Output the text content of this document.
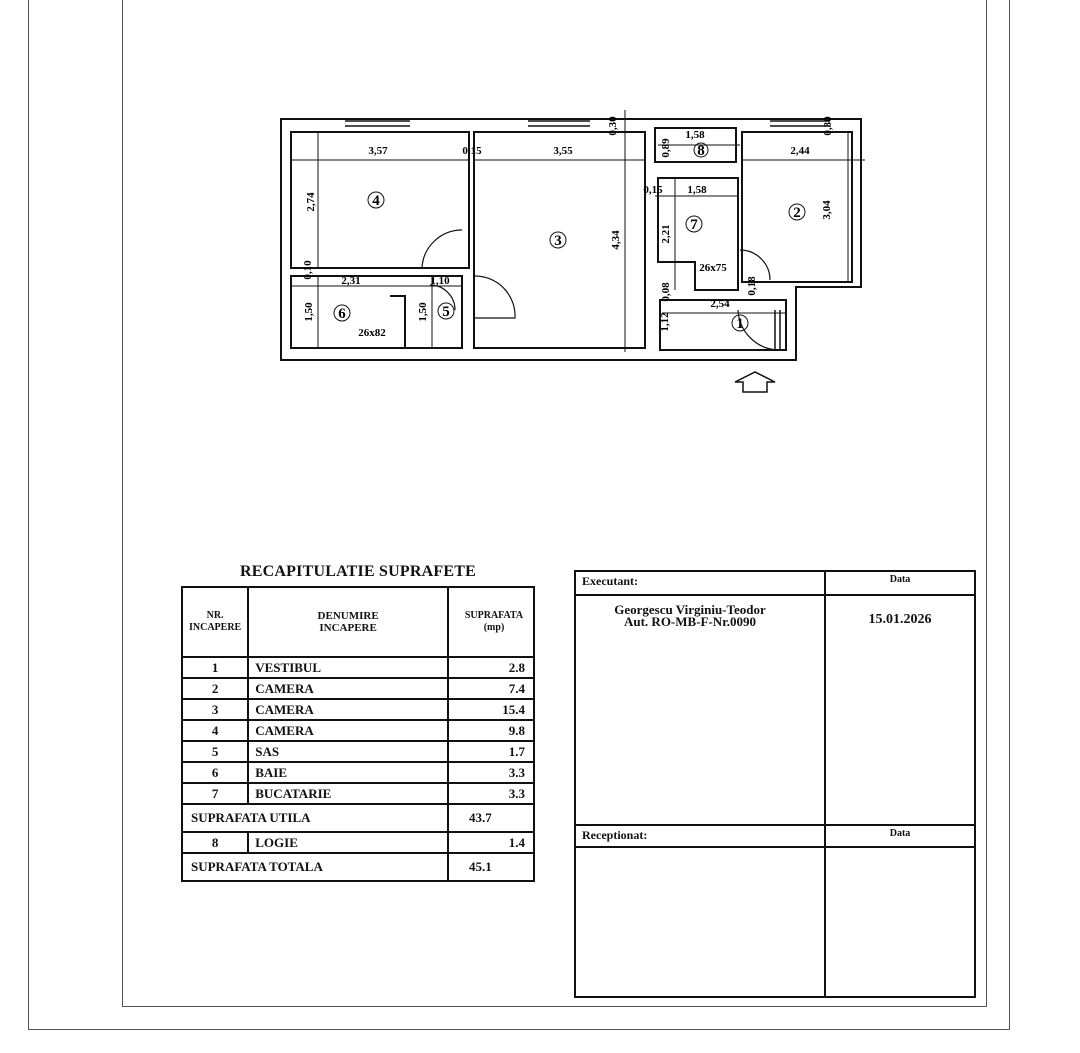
1
2
3
4
5
6
7
8
3,57	0,15	3,55
0,30	1,58
0,89	2,44
0,30
0,15 1,58
2,74
4,34	2,21
3,04
0,10
2,31	1,10
26x75
0,18
0,08
2,54
1,50	1,50
26x82
1,12
RECAPITULATIE SUPRAFETE
NR.
INCAPERE	DENUMIRE
INCAPERE	SUPRAFATA
(mp)
1	VESTIBUL	2.8
2	CAMERA	7.4
3	CAMERA	15.4
4	CAMERA	9.8
5	SAS	1.7
6	BAIE	3.3
7	BUCATARIE	3.3
SUPRAFATA UTILA		43.7
8	LOGIE	1.4
SUPRAFATA TOTALA		45.1
Executant:	Data

Georgescu Virginiu-Teodor
Aut. RO-MB-F-Nr.0090	15.01.2026

Receptionat:	Data
